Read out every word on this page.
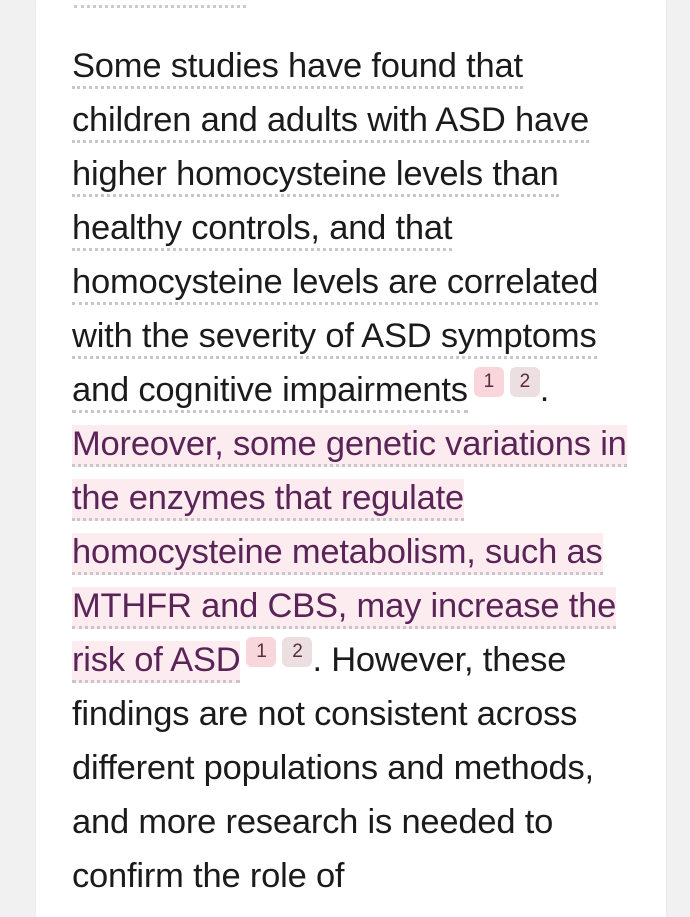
Some studies have found that children and adults with ASD have higher homocysteine levels than healthy controls, and that homocysteine levels are correlated with the severity of ASD symptoms and cognitive impairments 1 2 . Moreover, some genetic variations in the enzymes that regulate homocysteine metabolism, such as MTHFR and CBS, may increase the risk of ASD 1 2 . However, these findings are not consistent across different populations and methods, and more research is needed to confirm the role of
